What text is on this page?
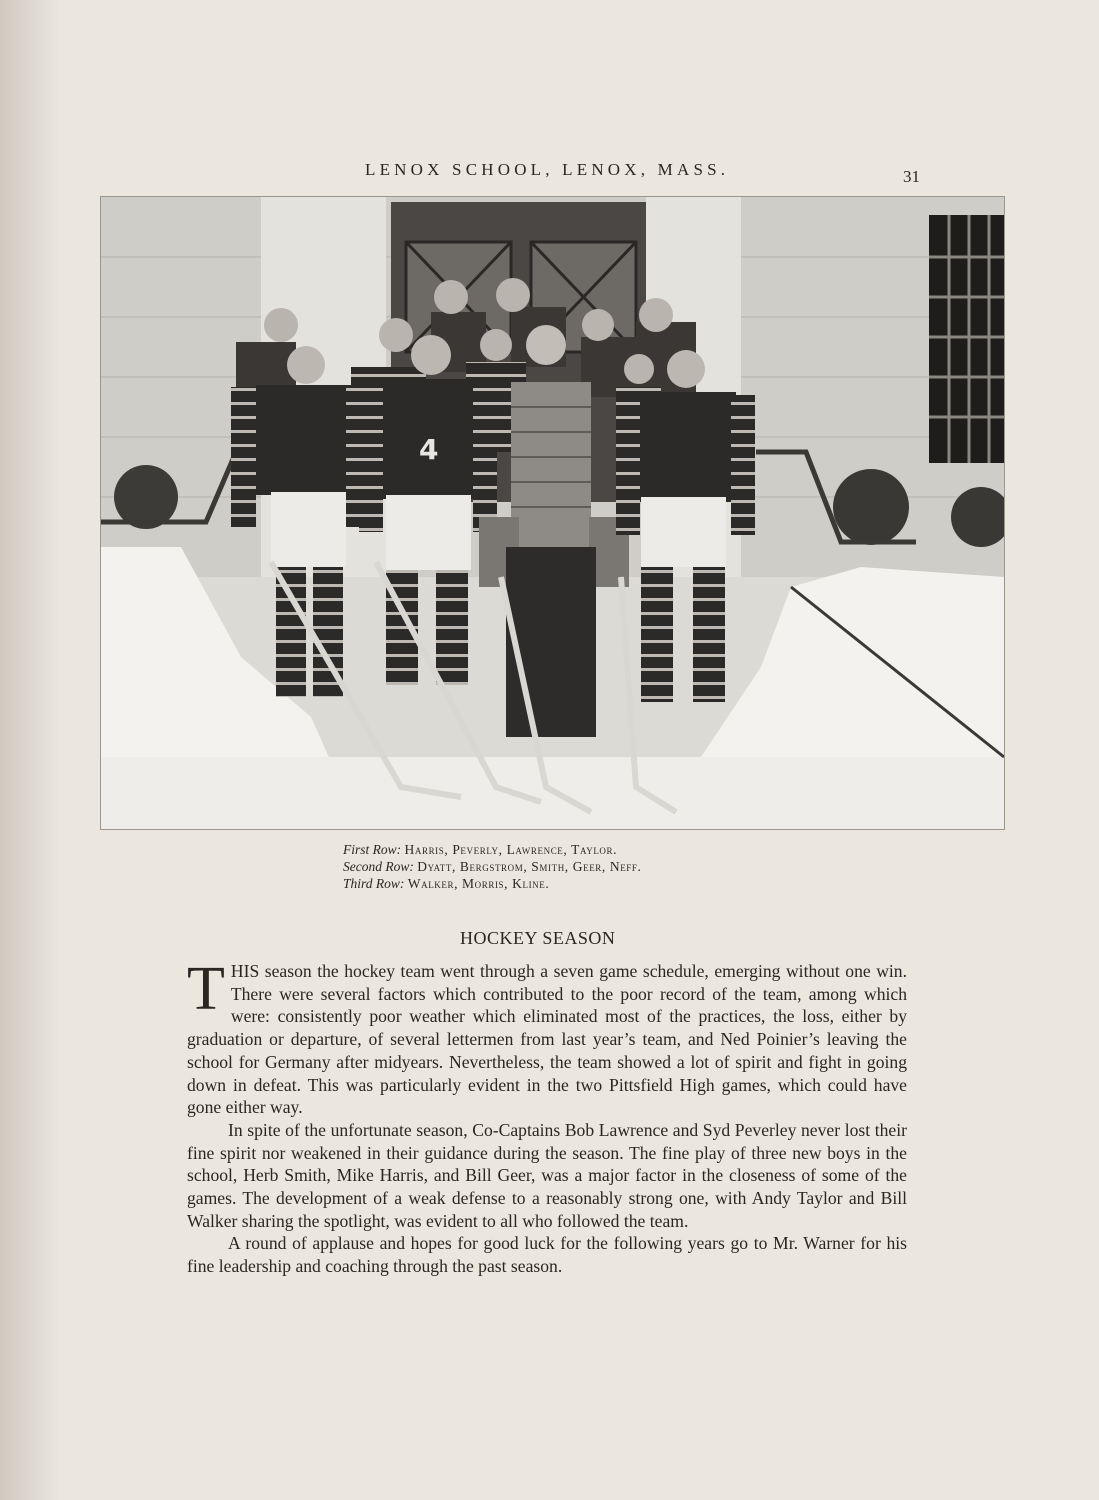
LENOX SCHOOL, LENOX, MASS.	31
4
First Row: Harris, Peverly, Lawrence, Taylor.
Second Row: Dyatt, Bergstrom, Smith, Geer, Neff.
Third Row: Walker, Morris, Kline.
HOCKEY SEASON

THIS season the hockey team went through a seven game schedule, emerging without one win. There were several factors which contributed to the poor record of the team, among which were: consistently poor weather which eliminated most of the practices, the loss, either by graduation or departure, of several lettermen from last year’s team, and Ned Poinier’s leaving the school for Germany after midyears. Nevertheless, the team showed a lot of spirit and fight in going down in defeat. This was particularly evident in the two Pittsfield High games, which could have gone either way.

In spite of the unfortunate season, Co-Captains Bob Lawrence and Syd Peverley never lost their fine spirit nor weakened in their guidance during the season. The fine play of three new boys in the school, Herb Smith, Mike Harris, and Bill Geer, was a major factor in the closeness of some of the games. The development of a weak defense to a reasonably strong one, with Andy Taylor and Bill Walker sharing the spotlight, was evident to all who followed the team.

A round of applause and hopes for good luck for the following years go to Mr. Warner for his fine leadership and coaching through the past season.
